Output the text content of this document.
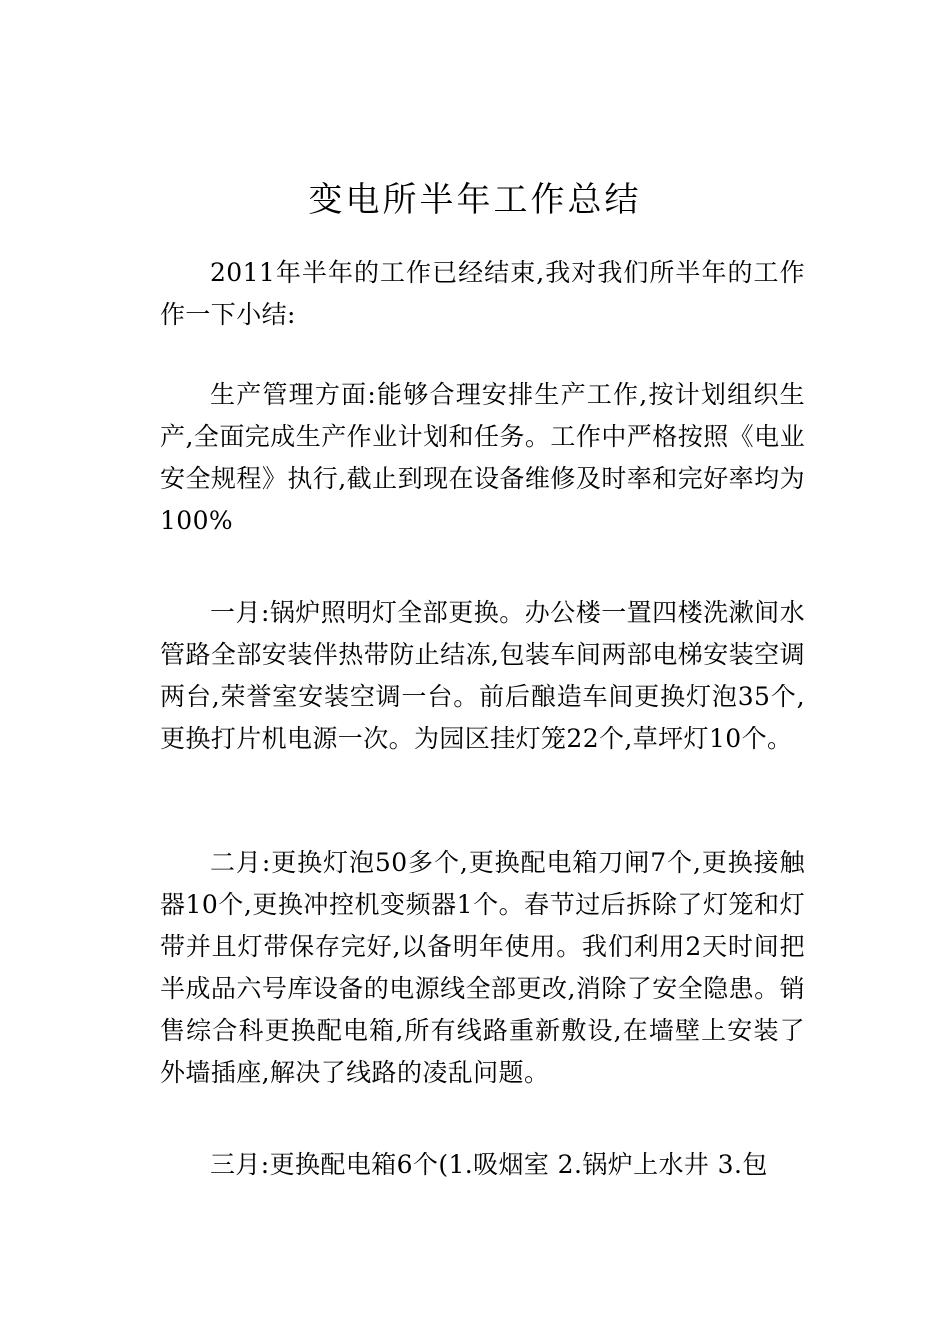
变电所半年工作总结

2011年半年的工作已经结束,我对我们所半年的工作作一下小结:

生产管理方面:能够合理安排生产工作,按计划组织生产,全面完成生产作业计划和任务。工作中严格按照《电业安全规程》执行,截止到现在设备维修及时率和完好率均为100%

一月:锅炉照明灯全部更换。办公楼一置四楼洗漱间水管路全部安装伴热带防止结冻,包装车间两部电梯安装空调两台,荣誉室安装空调一台。前后酿造车间更换灯泡35个,更换打片机电源一次。为园区挂灯笼22个,草坪灯10个。

二月:更换灯泡50多个,更换配电箱刀闸7个,更换接触器10个,更换冲控机变频器1个。春节过后拆除了灯笼和灯带并且灯带保存完好,以备明年使用。我们利用2天时间把半成品六号库设备的电源线全部更改,消除了安全隐患。销售综合科更换配电箱,所有线路重新敷设,在墙壁上安装了外墙插座,解决了线路的凌乱问题。

三月:更换配电箱6个(1.吸烟室 2.锅炉上水井 3.包
